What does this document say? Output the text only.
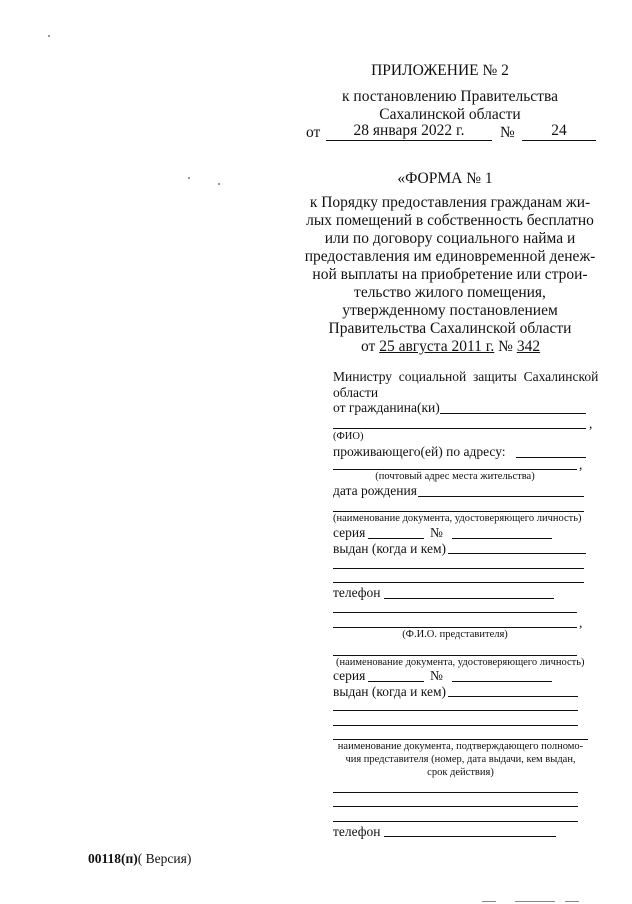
ПРИЛОЖЕНИЕ № 2
к постановлению Правительства
Сахалинской области
от	28 января 2022 г.	№	24
«ФОРМА № 1
к Порядку предоставления гражданам жи-
лых помещений в собственность бесплатно
или по договору социального найма и
предоставления им единовременной денеж-
ной выплаты на приобретение или строи-
тельство жилого помещения,
утвержденному постановлением
Правительства Сахалинской области
от 25 августа 2011 г. № 342
Министру  социальной  защиты  Сахалинской
области
от гражданина(ки)
,
(ФИО)
проживающего(ей) по адресу:
,
(почтовый адрес места жительства)
дата рождения
(наименование документа, удостоверяющего личность)
серия	№
выдан (когда и кем)
телефон
,
(Ф.И.О. представителя)
(наименование документа, удостоверяющего личность)
серия	№
выдан (когда и кем)
наименование документа, подтверждающего полномо-
чия представителя (номер, дата выдачи, кем выдан,
срок действия)
телефон
00118(п)( Версия)
